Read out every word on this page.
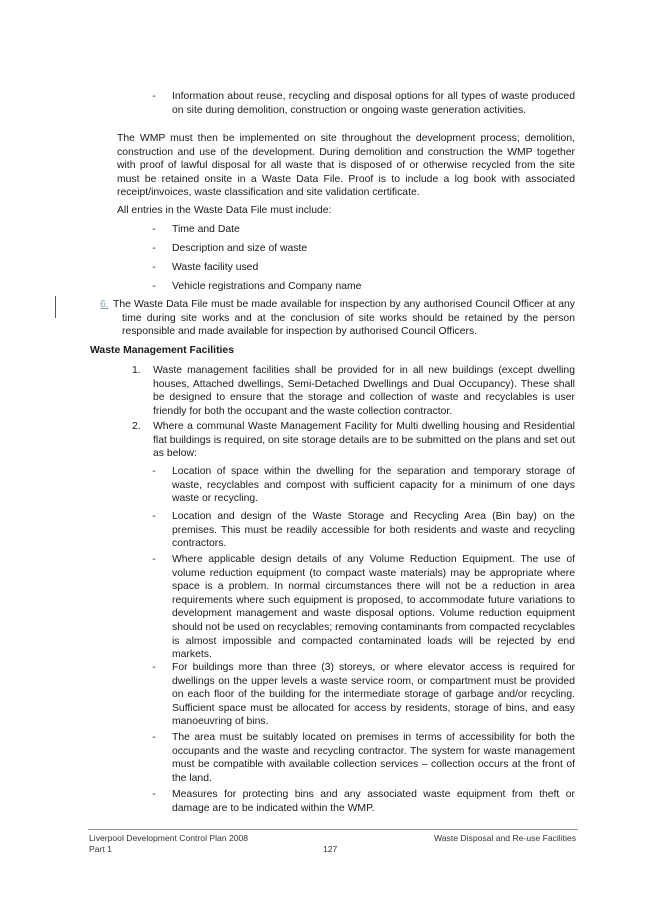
- Information about reuse, recycling and disposal options for all types of waste produced on site during demolition, construction or ongoing waste generation activities.
The WMP must then be implemented on site throughout the development process; demolition, construction and use of the development. During demolition and construction the WMP together with proof of lawful disposal for all waste that is disposed of or otherwise recycled from the site must be retained onsite in a Waste Data File. Proof is to include a log book with associated receipt/invoices, waste classification and site validation certificate.
All entries in the Waste Data File must include:
- Time and Date
- Description and size of waste
- Waste facility used
- Vehicle registrations and Company name
6. The Waste Data File must be made available for inspection by any authorised Council Officer at any time during site works and at the conclusion of site works should be retained by the person responsible and made available for inspection by authorised Council Officers.
Waste Management Facilities
1. Waste management facilities shall be provided for in all new buildings (except dwelling houses, Attached dwellings, Semi-Detached Dwellings and Dual Occupancy). These shall be designed to ensure that the storage and collection of waste and recyclables is user friendly for both the occupant and the waste collection contractor.
2. Where a communal Waste Management Facility for Multi dwelling housing and Residential flat buildings is required, on site storage details are to be submitted on the plans and set out as below:
- Location of space within the dwelling for the separation and temporary storage of waste, recyclables and compost with sufficient capacity for a minimum of one days waste or recycling.
- Location and design of the Waste Storage and Recycling Area (Bin bay) on the premises. This must be readily accessible for both residents and waste and recycling contractors.
- Where applicable design details of any Volume Reduction Equipment. The use of volume reduction equipment (to compact waste materials) may be appropriate where space is a problem. In normal circumstances there will not be a reduction in area requirements where such equipment is proposed, to accommodate future variations to development management and waste disposal options. Volume reduction equipment should not be used on recyclables; removing contaminants from compacted recyclables is almost impossible and compacted contaminated loads will be rejected by end markets.
- For buildings more than three (3) storeys, or where elevator access is required for dwellings on the upper levels a waste service room, or compartment must be provided on each floor of the building for the intermediate storage of garbage and/or recycling. Sufficient space must be allocated for access by residents, storage of bins, and easy manoeuvring of bins.
- The area must be suitably located on premises in terms of accessibility for both the occupants and the waste and recycling contractor. The system for waste management must be compatible with available collection services – collection occurs at the front of the land.
- Measures for protecting bins and any associated waste equipment from theft or damage are to be indicated within the WMP.
Liverpool Development Control Plan 2008
Part 1	127
Waste Disposal and Re-use Facilities
